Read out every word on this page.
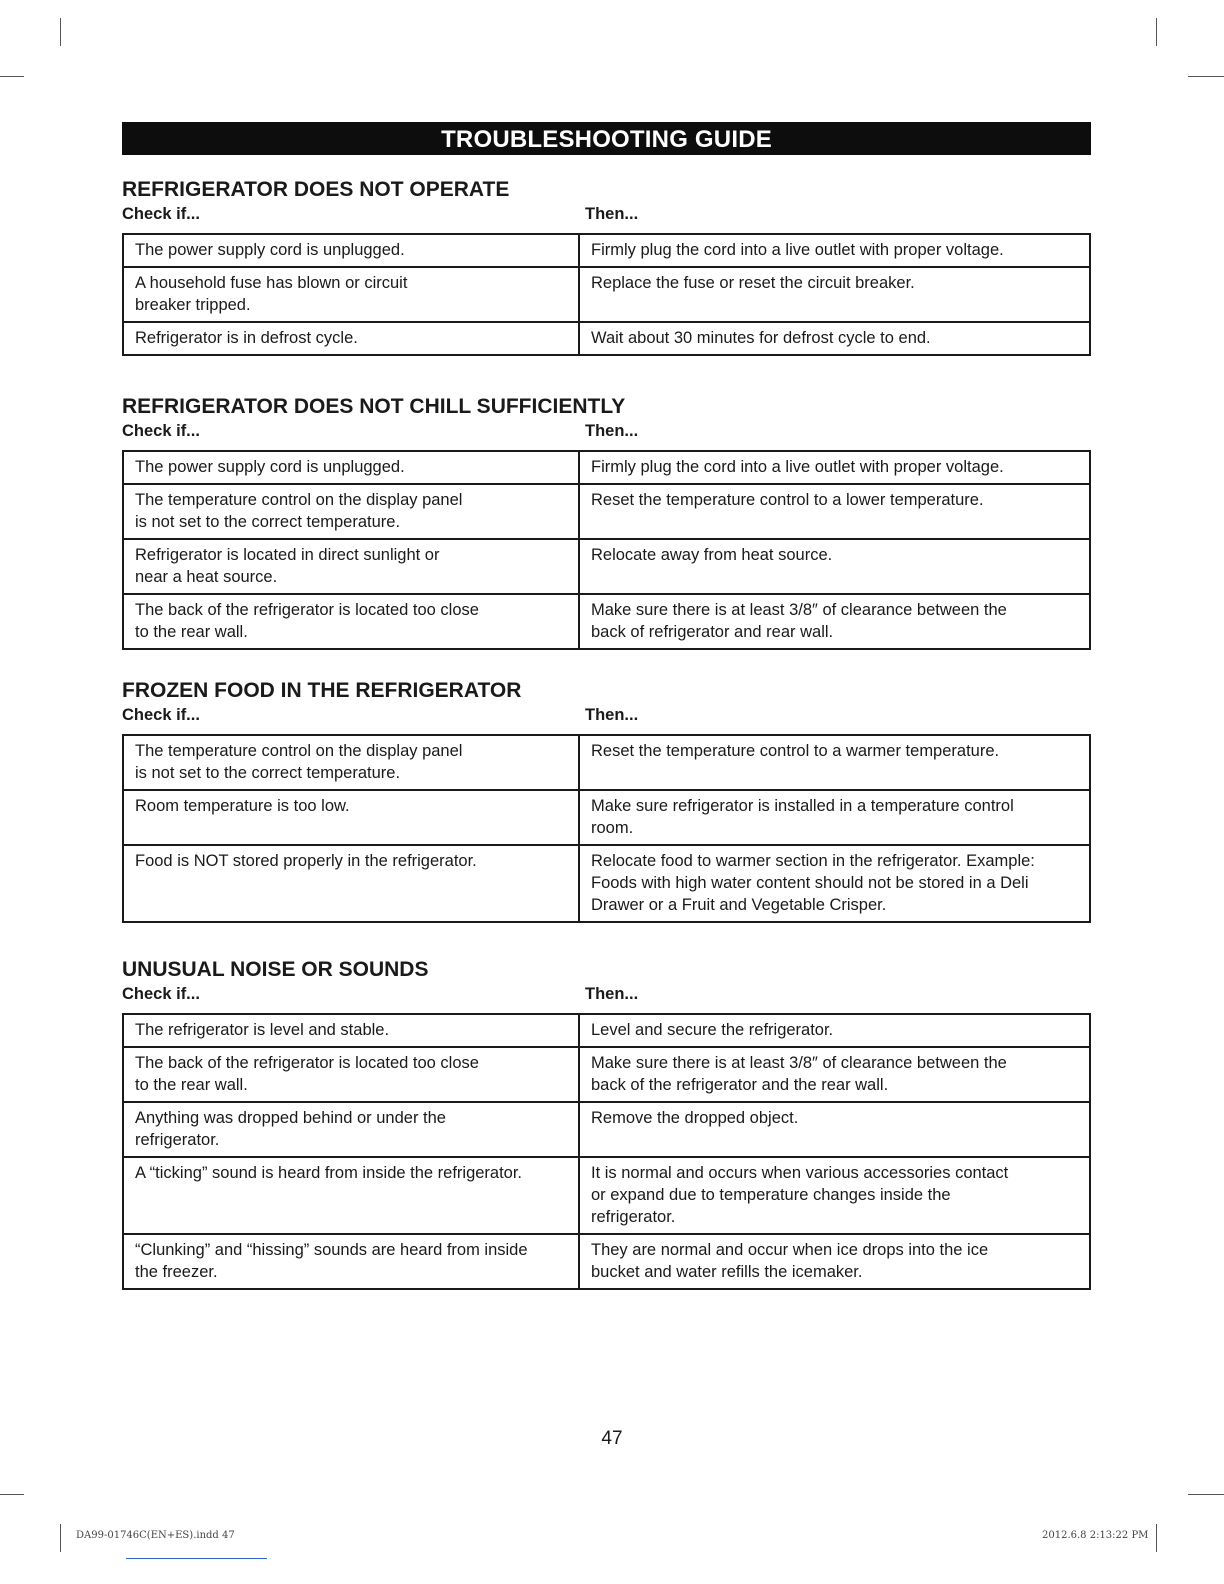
TROUBLESHOOTING GUIDE
REFRIGERATOR DOES NOT OPERATE
Check if...	Then...
The power supply cord is unplugged.	Firmly plug the cord into a live outlet with proper voltage.

A household fuse has blown or circuit
breaker tripped.	Replace the fuse or reset the circuit breaker.

Refrigerator is in defrost cycle.	Wait about 30 minutes for defrost cycle to end.
REFRIGERATOR DOES NOT CHILL SUFFICIENTLY
Check if...	Then...
The power supply cord is unplugged.	Firmly plug the cord into a live outlet with proper voltage.

The temperature control on the display panel
is not set to the correct temperature.	Reset the temperature control to a lower temperature.

Refrigerator is located in direct sunlight or
near a heat source.	Relocate away from heat source.

The back of the refrigerator is located too close
to the rear wall.	Make sure there is at least 3/8″ of clearance between the
back of refrigerator and rear wall.
FROZEN FOOD IN THE REFRIGERATOR
Check if...	Then...
The temperature control on the display panel
is not set to the correct temperature.	Reset the temperature control to a warmer temperature.

Room temperature is too low.	Make sure refrigerator is installed in a temperature control
room.

Food is NOT stored properly in the refrigerator.	Relocate food to warmer section in the refrigerator. Example:
Foods with high water content should not be stored in a Deli
Drawer or a Fruit and Vegetable Crisper.
UNUSUAL NOISE OR SOUNDS
Check if...	Then...
The refrigerator is level and stable.	Level and secure the refrigerator.

The back of the refrigerator is located too close
to the rear wall.	Make sure there is at least 3/8″ of clearance between the
back of the refrigerator and the rear wall.

Anything was dropped behind or under the
refrigerator.	Remove the dropped object.

A “ticking” sound is heard from inside the refrigerator.	It is normal and occurs when various accessories contact
or expand due to temperature changes inside the
refrigerator.

“Clunking” and “hissing” sounds are heard from inside
the freezer.	They are normal and occur when ice drops into the ice
bucket and water refills the icemaker.
47
DA99-01746C(EN+ES).indd 47	2012.6.8 2:13:22 PM
